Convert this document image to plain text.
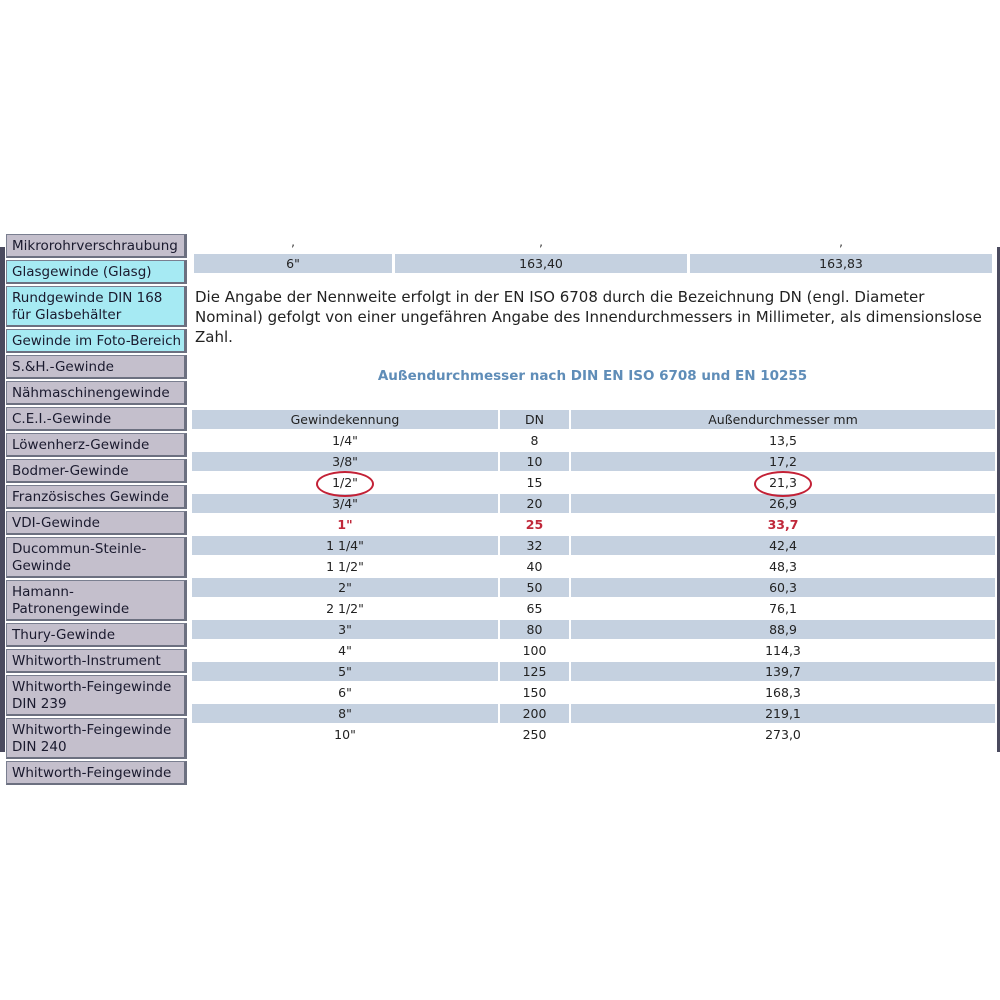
Mikrorohrverschraubung
Glasgewinde (Glasg)
Rundgewinde DIN 168 für Glasbehälter
Gewinde im Foto-Bereich
S.&H.-Gewinde
Nähmaschinengewinde
C.E.I.-Gewinde
Löwenherz-Gewinde
Bodmer-Gewinde
Französisches Gewinde
VDI-Gewinde
Ducommun-Steinle-Gewinde
Hamann-Patronengewinde
Thury-Gewinde
Whitworth-Instrument
Whitworth-Feingewinde DIN 239
Whitworth-Feingewinde DIN 240
Whitworth-Feingewinde
,	,	,
6"	163,40	163,83
Die Angabe der Nennweite erfolgt in der EN ISO 6708 durch die Bezeichnung DN (engl. Diameter Nominal) gefolgt von einer ungefähren Angabe des Innendurchmessers in Millimeter, als dimensionslose Zahl.
Außendurchmesser nach DIN EN ISO 6708 und EN 10255
Gewindekennung	DN	Außendurchmesser mm
1/4"	8	13,5
3/8"	10	17,2
1/2"	15	21,3
3/4"	20	26,9
1"	25	33,7
1 1/4"	32	42,4
1 1/2"	40	48,3
2"	50	60,3
2 1/2"	65	76,1
3"	80	88,9
4"	100	114,3
5"	125	139,7
6"	150	168,3
8"	200	219,1
10"	250	273,0
